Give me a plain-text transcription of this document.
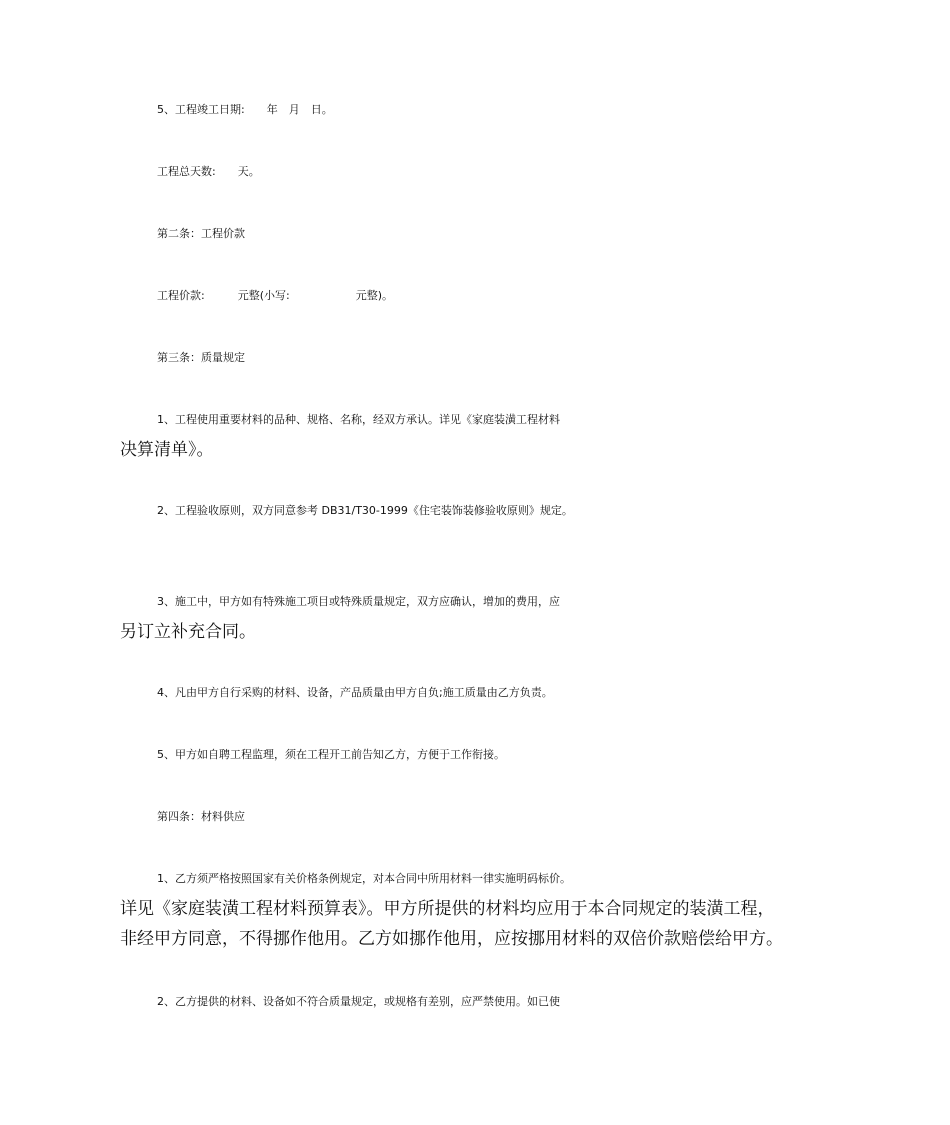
5、工程竣工日期:　　年　月　日。

工程总天数:　　天。

第二条：工程价款

工程价款:　　　元整(小写:　　　　　　元整)。

第三条：质量规定

1、工程使用重要材料的品种、规格、名称，经双方承认。详见《家庭装潢工程材料
决算清单》。

2、工程验收原则，双方同意参考 DB31/T30-1999《住宅装饰装修验收原则》规定。

3、施工中，甲方如有特殊施工项目或特殊质量规定，双方应确认，增加的费用，应
另订立补充合同。

4、凡由甲方自行采购的材料、设备，产品质量由甲方自负;施工质量由乙方负责。

5、甲方如自聘工程监理，须在工程开工前告知乙方，方便于工作衔接。

第四条：材料供应

1、乙方须严格按照国家有关价格条例规定，对本合同中所用材料一律实施明码标价。
详见《家庭装潢工程材料预算表》。甲方所提供的材料均应用于本合同规定的装潢工程，
非经甲方同意，不得挪作他用。乙方如挪作他用，应按挪用材料的双倍价款赔偿给甲方。

2、乙方提供的材料、设备如不符合质量规定，或规格有差别，应严禁使用。如已使
